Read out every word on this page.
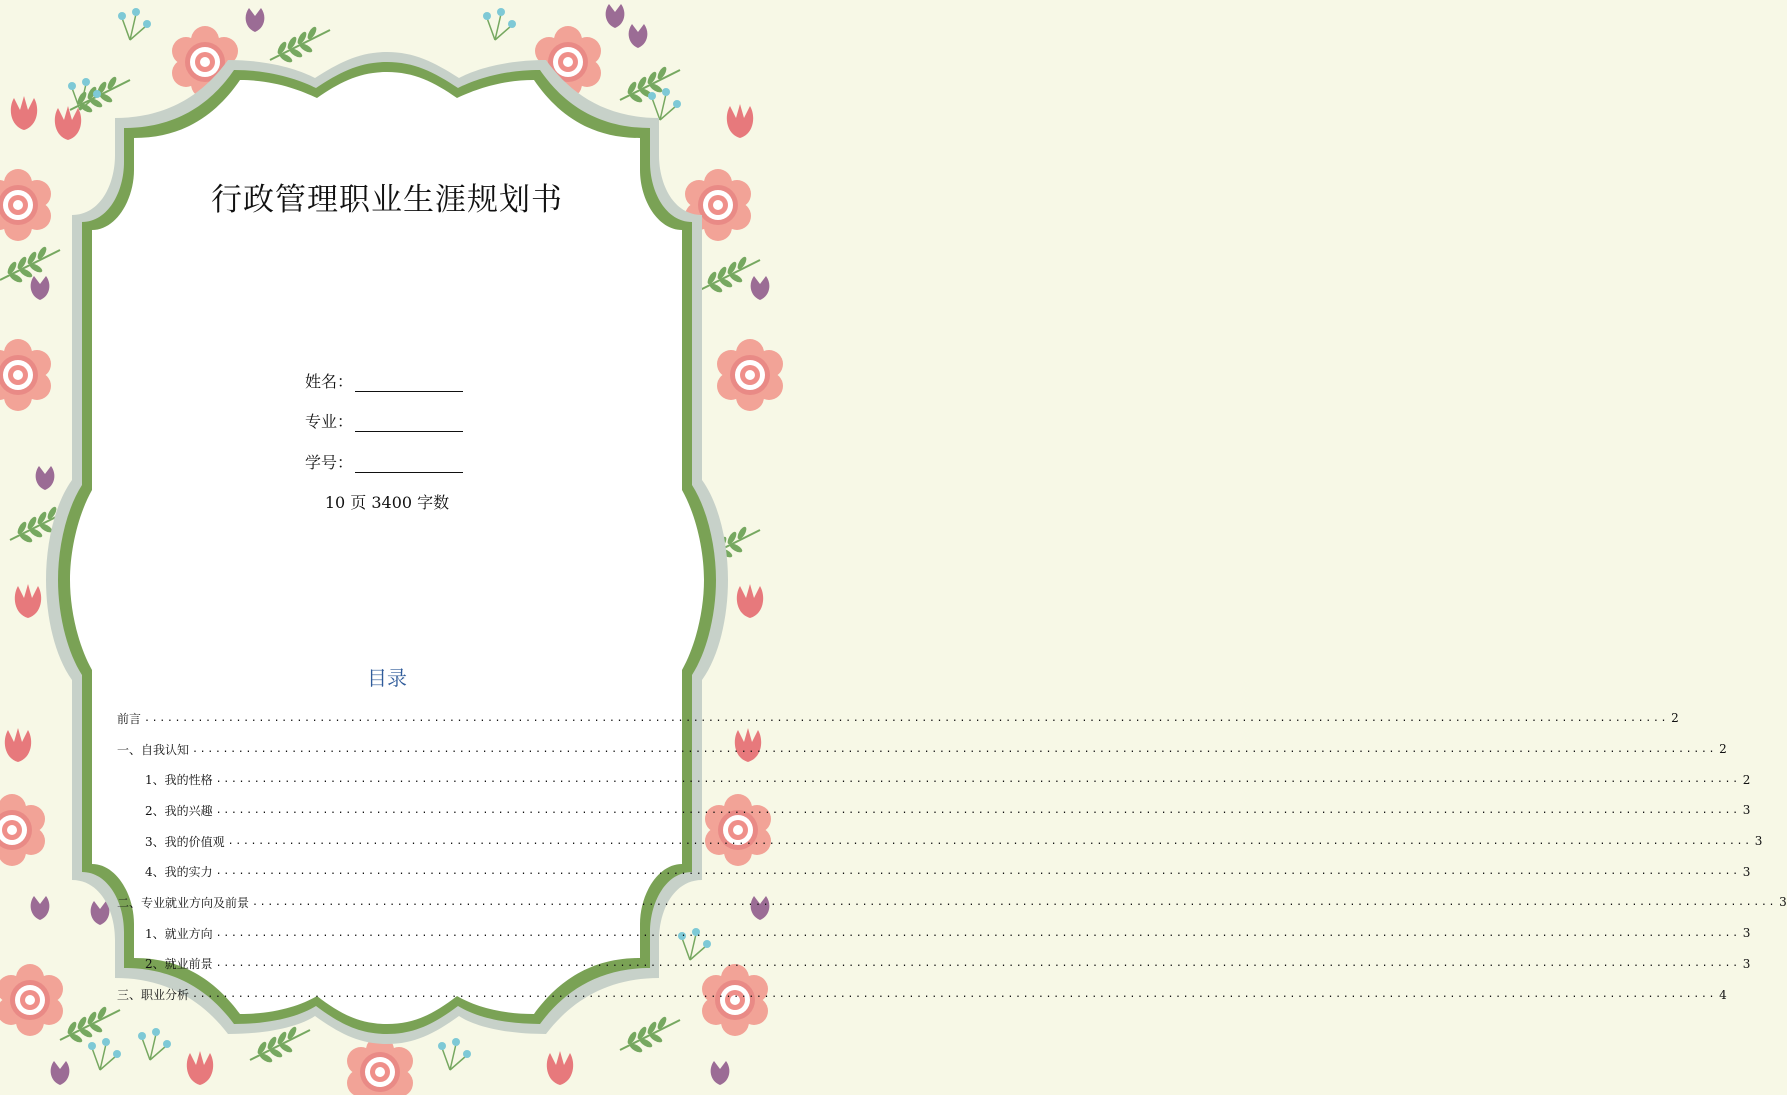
行政管理职业生涯规划书
姓名：
专业：
学号：
10 页 3400 字数
目录
前言 ........................................................................................................................................................................................................ 2
一、自我认知 ........................................................................................................................................................................................................ 2
1、我的性格 ........................................................................................................................................................................................................ 2
2、我的兴趣 ........................................................................................................................................................................................................ 3
3、我的价值观 ........................................................................................................................................................................................................ 3
4、我的实力 ........................................................................................................................................................................................................ 3
二、专业就业方向及前景 ........................................................................................................................................................................................................ 3
1、就业方向 ........................................................................................................................................................................................................ 3
2、就业前景 ........................................................................................................................................................................................................ 3
三、职业分析 ........................................................................................................................................................................................................ 4
